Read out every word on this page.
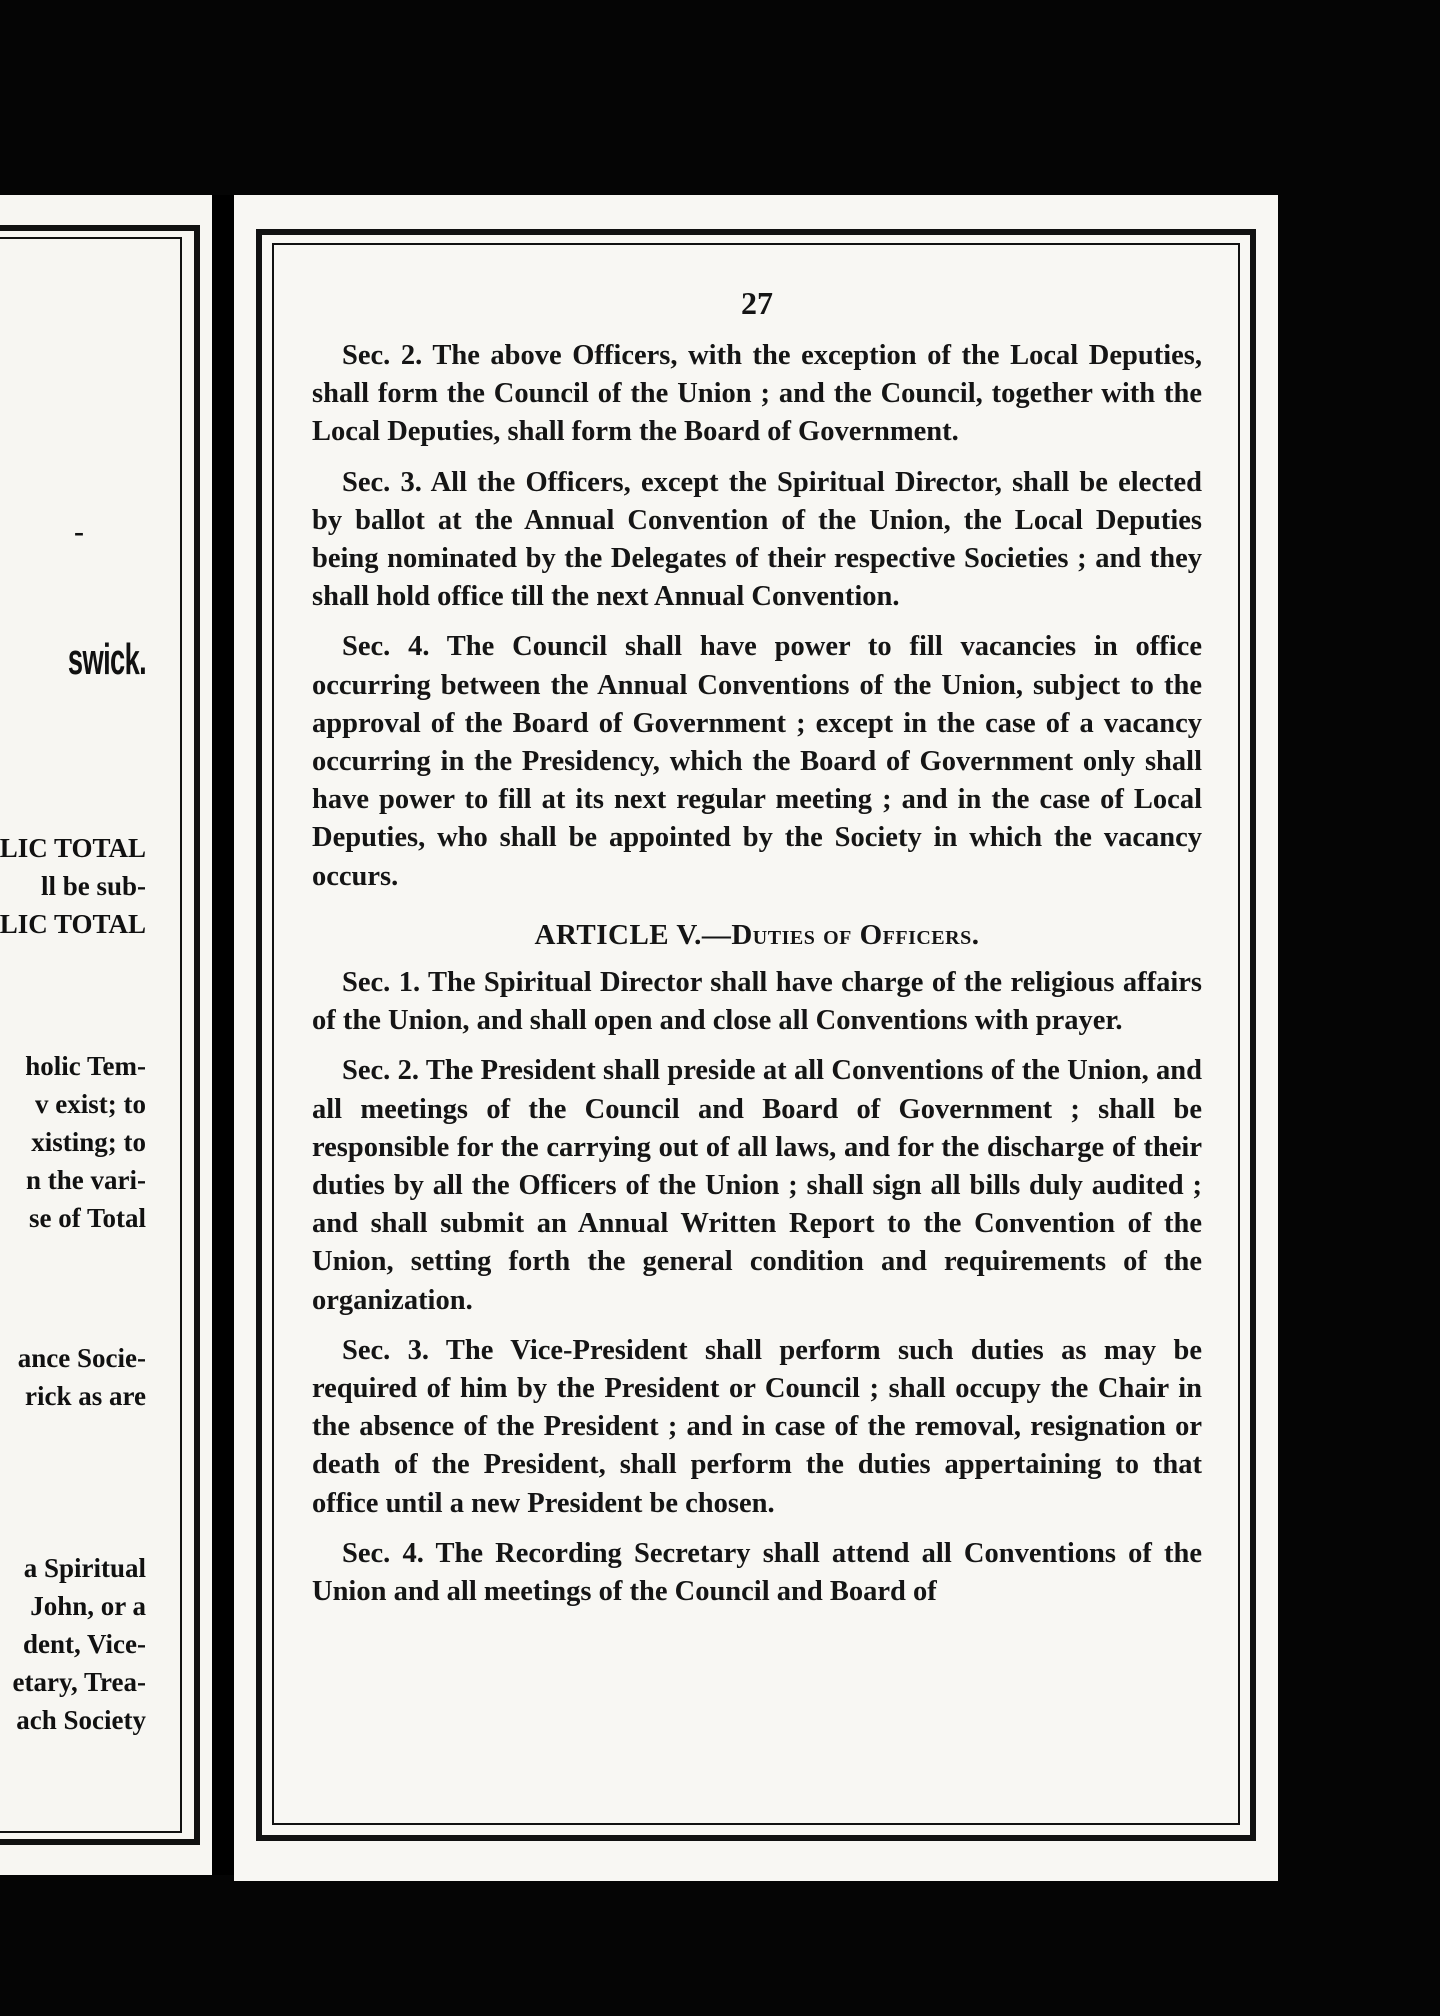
-
swick.
LIC TOTAL
ll be sub-
LIC TOTAL
holic Tem-
v exist; to
xisting; to
n the vari-
se of Total
ance Socie-
rick as are
a Spiritual
John, or a
dent, Vice-
etary, Trea-
ach Society
27

Sec. 2. The above Officers, with the exception of the Local Deputies, shall form the Council of the Union ; and the Council, together with the Local Deputies, shall form the Board of Government.

Sec. 3. All the Officers, except the Spiritual Director, shall be elected by ballot at the Annual Convention of the Union, the Local Deputies being nominated by the Delegates of their respective Societies ; and they shall hold office till the next Annual Convention.

Sec. 4. The Council shall have power to fill vacancies in office occurring between the Annual Conventions of the Union, subject to the approval of the Board of Government ; except in the case of a vacancy occurring in the Presidency, which the Board of Government only shall have power to fill at its next regular meeting ; and in the case of Local Deputies, who shall be appointed by the Society in which the vacancy occurs.

ARTICLE V.—Duties of Officers.

Sec. 1. The Spiritual Director shall have charge of the religious affairs of the Union, and shall open and close all Conventions with prayer.

Sec. 2. The President shall preside at all Conventions of the Union, and all meetings of the Council and Board of Government ; shall be responsible for the carrying out of all laws, and for the discharge of their duties by all the Officers of the Union ; shall sign all bills duly audited ; and shall submit an Annual Written Report to the Convention of the Union, setting forth the general condition and requirements of the organization.

Sec. 3. The Vice-President shall perform such duties as may be required of him by the President or Council ; shall occupy the Chair in the absence of the President ; and in case of the removal, resignation or death of the President, shall perform the duties appertaining to that office until a new President be chosen.

Sec. 4. The Recording Secretary shall attend all Conventions of the Union and all meetings of the Council and Board of
